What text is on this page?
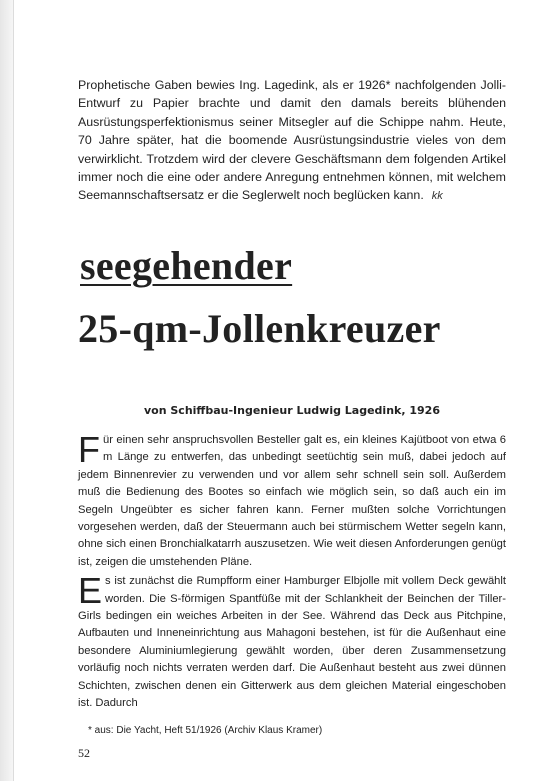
Prophetische Gaben bewies Ing. Lagedink, als er 1926* nachfolgenden Jolli-Entwurf zu Papier brachte und damit den damals bereits blühenden Ausrüstungsperfektionismus seiner Mitsegler auf die Schippe nahm. Heute, 70 Jahre später, hat die boomende Ausrüstungsindustrie vieles von dem verwirklicht. Trotzdem wird der clevere Geschäftsmann dem folgenden Artikel immer noch die eine oder andere Anregung entnehmen können, mit welchem Seemannschaftsersatz er die Seglerwelt noch beglücken kann. kk
seegehender
25-qm-Jollenkreuzer
von Schiffbau-Ingenieur Ludwig Lagedink, 1926

Für einen sehr anspruchsvollen Besteller galt es, ein kleines Kajütboot von etwa 6 m Länge zu entwerfen, das unbedingt seetüchtig sein muß, dabei jedoch auf jedem Binnenrevier zu verwenden und vor allem sehr schnell sein soll. Außerdem muß die Bedienung des Bootes so einfach wie möglich sein, so daß auch ein im Segeln Ungeübter es sicher fahren kann. Ferner mußten solche Vorrichtungen vorgesehen werden, daß der Steuermann auch bei stürmischem Wetter segeln kann, ohne sich einen Bronchialkatarrh auszusetzen. Wie weit diesen Anforderungen genügt ist, zeigen die umstehenden Pläne.

Es ist zunächst die Rumpfform einer Hamburger Elbjolle mit vollem Deck gewählt worden. Die S-förmigen Spantfüße mit der Schlankheit der Beinchen der Tiller-Girls bedingen ein weiches Arbeiten in der See. Während das Deck aus Pitchpine, Aufbauten und Inneneinrichtung aus Mahagoni bestehen, ist für die Außenhaut eine besondere Aluminiumlegierung gewählt worden, über deren Zusammensetzung vorläufig noch nichts verraten werden darf. Die Außenhaut besteht aus zwei dünnen Schichten, zwischen denen ein Gitterwerk aus dem gleichen Material eingeschoben ist. Dadurch

* aus: Die Yacht, Heft 51/1926 (Archiv Klaus Kramer)
52
